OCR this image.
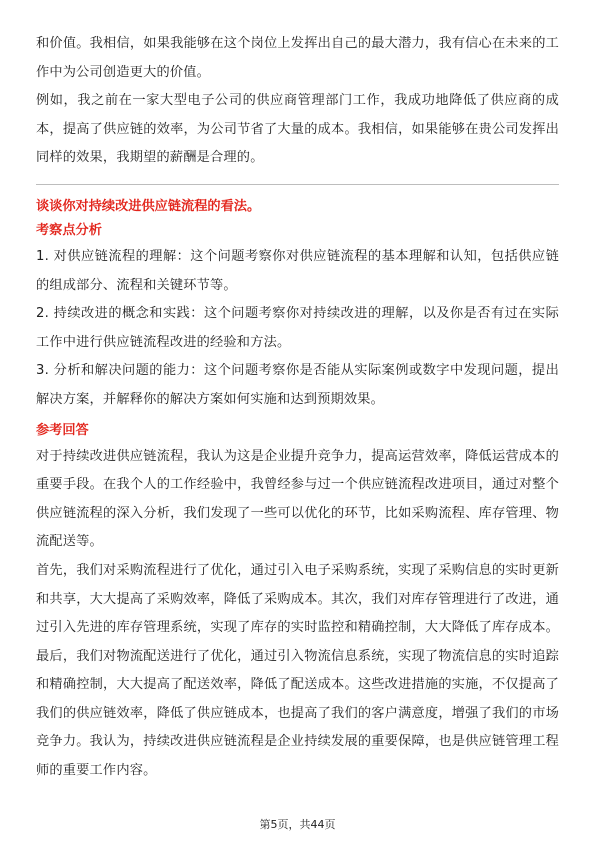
和价值。我相信，如果我能够在这个岗位上发挥出自己的最大潜力，我有信心在未来的工作中为公司创造更大的价值。

例如，我之前在一家大型电子公司的供应商管理部门工作，我成功地降低了供应商的成本，提高了供应链的效率，为公司节省了大量的成本。我相信，如果能够在贵公司发挥出同样的效果，我期望的薪酬是合理的。

谈谈你对持续改进供应链流程的看法。
考察点分析

1. 对供应链流程的理解：这个问题考察你对供应链流程的基本理解和认知，包括供应链的组成部分、流程和关键环节等。

2. 持续改进的概念和实践：这个问题考察你对持续改进的理解，以及你是否有过在实际工作中进行供应链流程改进的经验和方法。

3. 分析和解决问题的能力：这个问题考察你是否能从实际案例或数字中发现问题，提出解决方案，并解释你的解决方案如何实施和达到预期效果。

参考回答

对于持续改进供应链流程，我认为这是企业提升竞争力，提高运营效率，降低运营成本的重要手段。在我个人的工作经验中，我曾经参与过一个供应链流程改进项目，通过对整个供应链流程的深入分析，我们发现了一些可以优化的环节，比如采购流程、库存管理、物流配送等。

首先，我们对采购流程进行了优化，通过引入电子采购系统，实现了采购信息的实时更新和共享，大大提高了采购效率，降低了采购成本。其次，我们对库存管理进行了改进，通过引入先进的库存管理系统，实现了库存的实时监控和精确控制，大大降低了库存成本。最后，我们对物流配送进行了优化，通过引入物流信息系统，实现了物流信息的实时追踪和精确控制，大大提高了配送效率，降低了配送成本。这些改进措施的实施，不仅提高了我们的供应链效率，降低了供应链成本，也提高了我们的客户满意度，增强了我们的市场竞争力。我认为，持续改进供应链流程是企业持续发展的重要保障，也是供应链管理工程师的重要工作内容。

第5页，共44页
